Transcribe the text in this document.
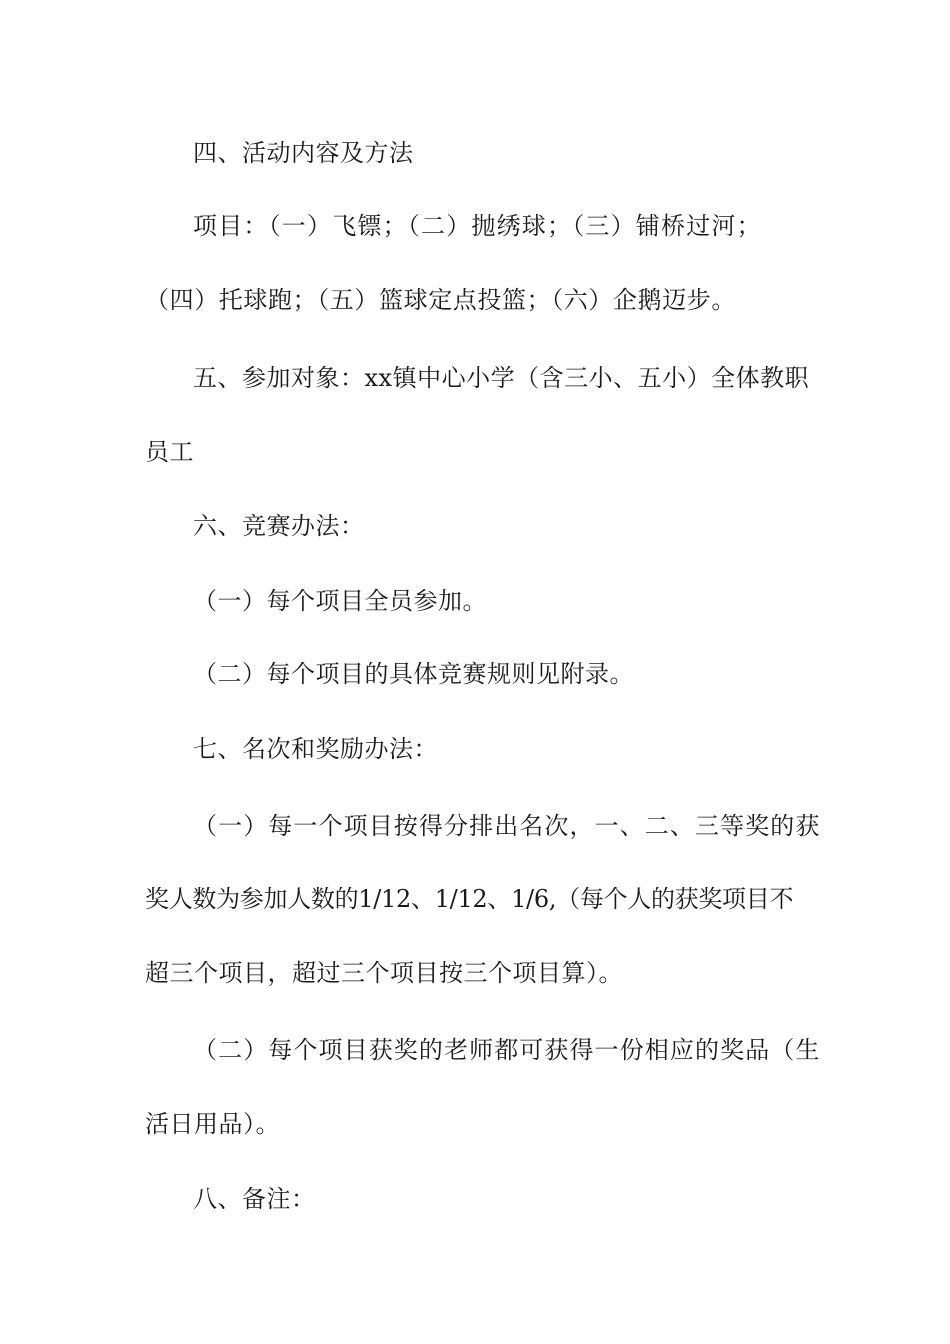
四、活动内容及方法
项目：（一）飞镖；（二）抛绣球；（三）铺桥过河；
（四）托球跑；（五）篮球定点投篮；（六）企鹅迈步。
五、参加对象：xx镇中心小学（含三小、五小）全体教职
员工
六、竞赛办法：
（一）每个项目全员参加。
（二）每个项目的具体竞赛规则见附录。
七、名次和奖励办法：
（一）每一个项目按得分排出名次，一、二、三等奖的获
奖人数为参加人数的1/12、1/12、1/6,（每个人的获奖项目不
超三个项目，超过三个项目按三个项目算）。
（二）每个项目获奖的老师都可获得一份相应的奖品（生
活日用品）。
八、备注：
